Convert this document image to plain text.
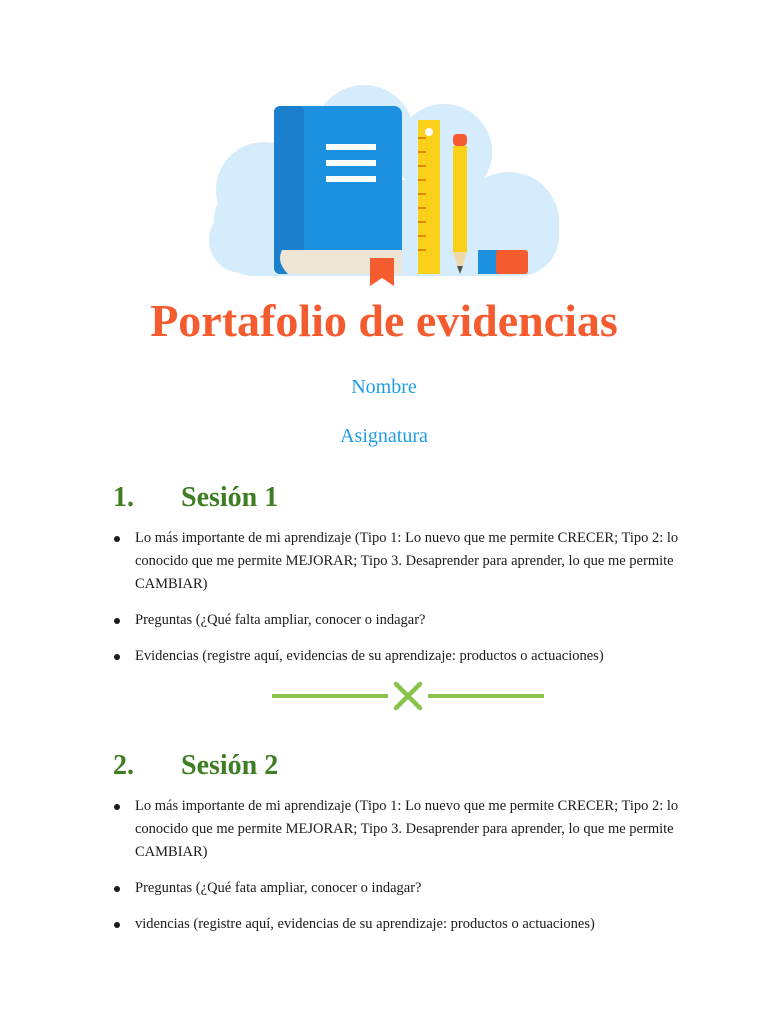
Portafolio de evidencias
Nombre
Asignatura
1. Sesión 1
Lo más importante de mi aprendizaje (Tipo 1: Lo nuevo que me permite CRECER; Tipo 2: lo conocido que me permite MEJORAR; Tipo 3. Desaprender para aprender, lo que me permite CAMBIAR)
Preguntas (¿Qué falta ampliar, conocer o indagar?
Evidencias (registre aquí, evidencias de su aprendizaje: productos o actuaciones)
2. Sesión 2
Lo más importante de mi aprendizaje (Tipo 1: Lo nuevo que me permite CRECER; Tipo 2: lo conocido que me permite MEJORAR; Tipo 3. Desaprender para aprender, lo que me permite CAMBIAR)
Preguntas (¿Qué fata ampliar, conocer o indagar?
videncias (registre aquí, evidencias de su aprendizaje: productos o actuaciones)
